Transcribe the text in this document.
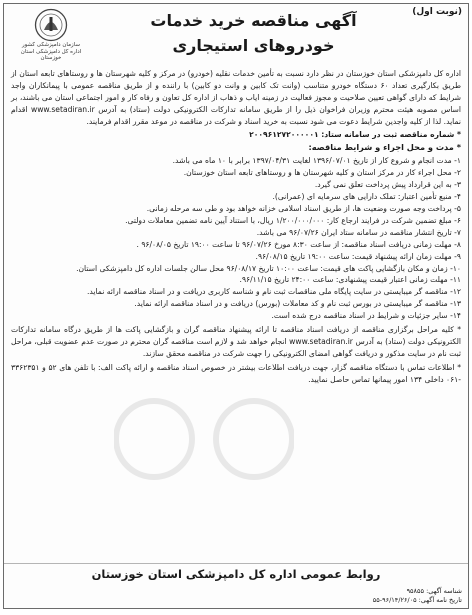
(نوبت اول)
آگهی مناقصه خرید خدمات
خودروهای استیجاری
سازمان دامپزشکی کشور
اداره کل دامپزشکی استان خوزستان

اداره کل دامپزشکی استان خوزستان در نظر دارد نسبت به تأمین خدمات نقلیه (خودرو) در مرکز و کلیه شهرستان ها و روستاهای تابعه استان از طریق بکارگیری تعداد ۶۰ دستگاه خودرو متناسب (وانت تک کابین و وانت دو کابین) با راننده و از طریق مناقصه عمومی با پیمانکاران واجد شرایط که دارای گواهی تعیین صلاحیت و مجوز فعالیت در زمینه ایاب و ذهاب از اداره کل تعاون و رفاه کار و امور اجتماعی استان می باشند، بر اساس مصوبه هیئت محترم وزیران فراخوان ذیل را از طریق سامانه تدارکات الکترونیکی دولت (ستاد) به آدرس www.setadiran.ir اقدام نماید. لذا از کلیه واجدین شرایط دعوت می شود نسبت به خرید اسناد و شرکت در مناقصه در موعد مقرر اقدام فرمایند.

* شماره مناقصه ثبت در سامانه ستاد: ۲۰۰۹۶۱۲۷۲۰۰۰۰۰۱

* مدت و محل اجراء و شرایط مناقصه:

۱- مدت انجام و شروع کار از تاریخ ۱۳۹۶/۰۷/۰۱ لغایت ۱۳۹۷/۰۴/۳۱ برابر با ۱۰ ماه می باشد.
۲- محل اجراء کار در مرکز استان و کلیه شهرستان ها و روستاهای تابعه استان خوزستان.
۳- به این قرارداد پیش پرداخت تعلق نمی گیرد.
۴- منبع تأمین اعتبار: تملک دارایی های سرمایه ای (عمرانی).
۵- پرداخت وجه صورت وضعیت ها، از طریق اسناد اسلامی خزانه خواهد بود و طی سه مرحله زمانی.
۶- مبلغ تضمین شرکت در فرایند ارجاع کار: ۱/۲۰۰/۰۰۰/۰۰۰ ریال، با استناد آیین نامه تضمین معاملات دولتی.
۷- تاریخ انتشار مناقصه در سامانه ستاد ایران ۹۶/۰۷/۲۶ می باشد.
۸- مهلت زمانی دریافت اسناد مناقصه: از ساعت ۸:۳۰ مورخ ۹۶/۰۷/۲۶ تا ساعت ۱۹:۰۰ تاریخ ۹۶/۰۸/۰۵ .
۹- مهلت زمان ارائه پیشنهاد قیمت: ساعت ۱۹:۰۰ تاریخ ۹۶/۰۸/۱۵.
۱۰- زمان و مکان بازگشایی پاکت های قیمت: ساعت ۱۰:۰۰ تاریخ ۹۶/۰۸/۱۷ محل سالن جلسات اداره کل دامپزشکی استان.
۱۱- مهلت زمانی اعتبار قیمت پیشنهادی: ساعت ۲۴:۰۰ تاریخ ۹۶/۱۱/۱۵.
۱۲- مناقصه گر میبایستی در سایت پایگاه ملی مناقصات ثبت نام و شناسه کاربری دریافت و در اسناد مناقصه ارائه نماید.
۱۳- مناقصه گر میبایستی در بورس ثبت نام و کد معاملات (بورس) دریافت و در اسناد مناقصه ارائه نماید.
۱۴- سایر جزئیات و شرایط در اسناد مناقصه درج شده است.

* کلیه مراحل برگزاری مناقصه از دریافت اسناد مناقصه تا ارائه پیشنهاد مناقصه گران و بازگشایی پاکت ها از طریق درگاه سامانه تدارکات الکترونیکی دولت (ستاد) به آدرس www.setadiran.ir انجام خواهد شد و لازم است مناقصه گران محترم در صورت عدم عضویت قبلی، مراحل ثبت نام در سایت مذکور و دریافت گواهی امضای الکترونیکی را جهت شرکت در مناقصه محقق سازند.

* اطلاعات تماس با دستگاه مناقصه گزار، جهت دریافت اطلاعات بیشتر در خصوص اسناد مناقصه و ارائه پاکت الف: با تلفن های ۵۲ و ۳۳۶۲۳۵۱ -۰۶۱ داخلی ۱۳۴ امور پیمانها تماس حاصل نمایید.

روابط عمومی اداره کل دامپزشکی استان خوزستان
شناسه آگهی: ۹۵۸۵۵
تاریخ نامه آگهی: ۹۶/۱۴/۲۶/۰۵-۵۵
